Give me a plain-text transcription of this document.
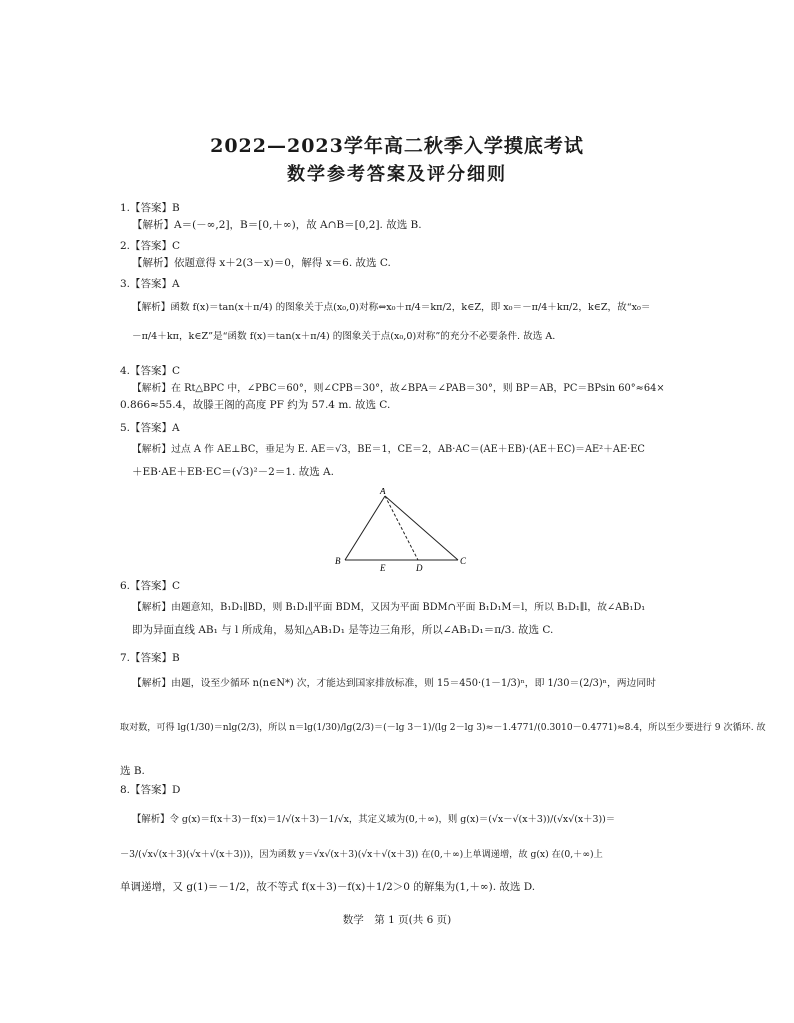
2022—2023学年高二秋季入学摸底考试
数学参考答案及评分细则
1.【答案】B
【解析】A＝(－∞,2]，B＝[0,＋∞)，故 A∩B＝[0,2]. 故选 B.
2.【答案】C
【解析】依题意得 x＋2(3－x)＝0，解得 x＝6. 故选 C.
3.【答案】A
【解析】函数 f(x)＝tan(x＋π/4) 的图象关于点(x₀,0)对称⇔x₀＋π/4＝kπ/2，k∈Z，即 x₀＝－π/4＋kπ/2，k∈Z，故“x₀＝
－π/4＋kπ，k∈Z”是“函数 f(x)＝tan(x＋π/4) 的图象关于点(x₀,0)对称”的充分不必要条件. 故选 A.
4.【答案】C
【解析】在 Rt△BPC 中，∠PBC＝60°，则∠CPB＝30°，故∠BPA＝∠PAB＝30°，则 BP＝AB，PC＝BPsin 60°≈64×
0.866≈55.4，故滕王阁的高度 PF 约为 57.4 m. 故选 C.
5.【答案】A
【解析】过点 A 作 AE⊥BC，垂足为 E. AE＝√3，BE＝1，CE＝2，AB·AC＝(AE＋EB)·(AE＋EC)＝AE²＋AE·EC
＋EB·AE＋EB·EC＝(√3)²－2＝1. 故选 A.
6.【答案】C
【解析】由题意知，B₁D₁∥BD，则 B₁D₁∥平面 BDM，又因为平面 BDM∩平面 B₁D₁M＝l，所以 B₁D₁∥l，故∠AB₁D₁
即为异面直线 AB₁ 与 l 所成角，易知△AB₁D₁ 是等边三角形，所以∠AB₁D₁＝π/3. 故选 C.
7.【答案】B
【解析】由题，设至少循环 n(n∈N*) 次，才能达到国家排放标准，则 15＝450·(1－1/3)ⁿ，即 1/30＝(2/3)ⁿ，两边同时
取对数，可得 lg(1/30)＝nlg(2/3)，所以 n＝lg(1/30)/lg(2/3)＝(－lg 3－1)/(lg 2－lg 3)≈－1.4771/(0.3010－0.4771)≈8.4，所以至少要进行 9 次循环. 故
选 B.
8.【答案】D
【解析】令 g(x)＝f(x＋3)－f(x)＝1/√(x＋3)－1/√x，其定义域为(0,＋∞)，则 g(x)＝(√x－√(x＋3))/(√x√(x＋3))＝
－3/(√x√(x＋3)(√x＋√(x＋3)))，因为函数 y＝√x√(x＋3)(√x＋√(x＋3)) 在(0,＋∞)上单调递增，故 g(x) 在(0,＋∞)上
单调递增，又 g(1)＝－1/2，故不等式 f(x＋3)－f(x)＋1/2＞0 的解集为(1,＋∞). 故选 D.
A
B	C
D
E
数学　第 1 页(共 6 页)
